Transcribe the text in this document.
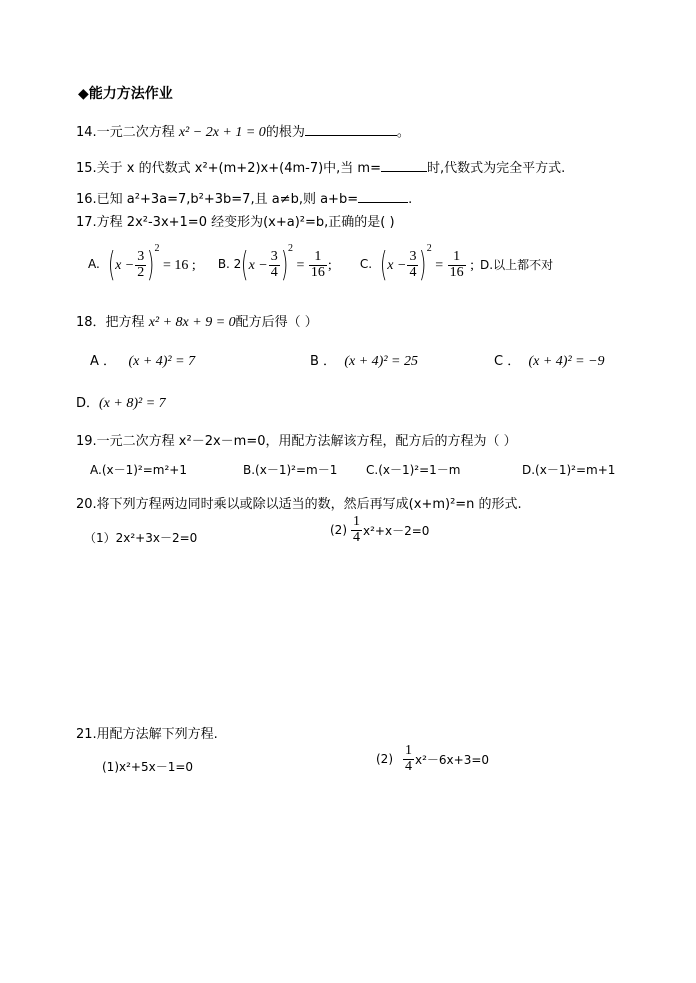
◆能力方法作业
14.一元二次方程 x² − 2x + 1 = 0的根为	。
15.关于 x 的代数式 x²+(m+2)x+(4m-7)中,当 m=	时,代数式为完全平方式.
16.已知 a²+3a=7,b²+3b=7,且 a≠b,则 a+b=	.
17.方程 2x²-3x+1=0 经变形为(x+a)²=b,正确的是( )
A. $(x - \frac{3}{2} )^2 = 16$ ; B. 2 $(x - \frac{3}{4} )^2 = \frac{1}{16}$ ; C. $(x - \frac{3}{4} )^2 = \frac{1}{16}$ ; D.以上都不对
18．把方程 x² + 8x + 9 = 0配方后得（ ）
A ． (x + 4)² = 7	B ． (x + 4)² = 25	C ． (x + 4)² = −9
D．(x + 8)² = 7
19.一元二次方程 x²－2x－m=0，用配方法解该方程，配方后的方程为（ ）
A.(x－1)²=m²+1	B.(x－1)²=m－1 C.(x－1)²=1－m	D.(x－1)²=m+1
20.将下列方程两边同时乘以或除以适当的数，然后再写成(x+m)²=n 的形式.
（1）2x²+3x－2=0
$(2) \frac{1}{4} x^2+x-2=0$
21.用配方法解下列方程.
(1)x²+5x－1=0
$(2) \frac{1}{4} x^2-6x+3=0$
